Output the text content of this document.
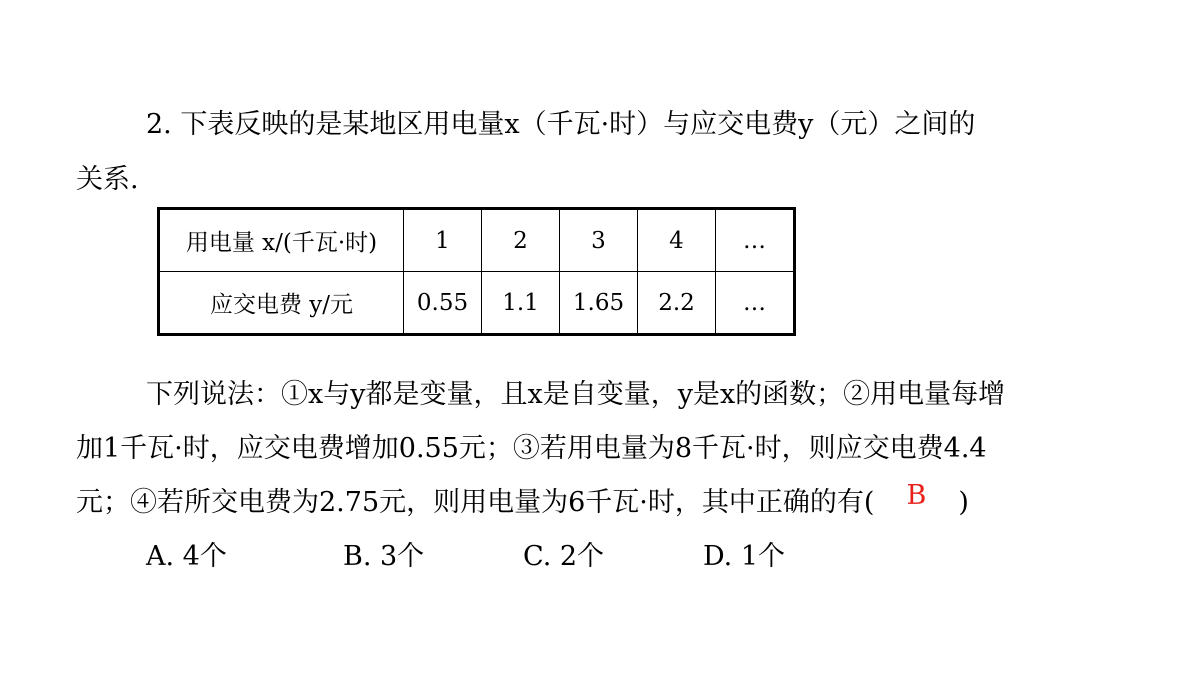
2. 下表反映的是某地区用电量x（千瓦·时）与应交电费y（元）之间的
关系.
用电量 x/(千瓦·时)	1	2	3	4	…
应交电费 y/元	0.55	1.1	1.65	2.2	…
下列说法：①x与y都是变量，且x是自变量，y是x的函数；②用电量每增
加1千瓦·时，应交电费增加0.55元；③若用电量为8千瓦·时，则应交电费4.4
元；④若所交电费为2.75元，则用电量为6千瓦·时，其中正确的有( B )
A. 4个	B. 3个	C. 2个	D. 1个
